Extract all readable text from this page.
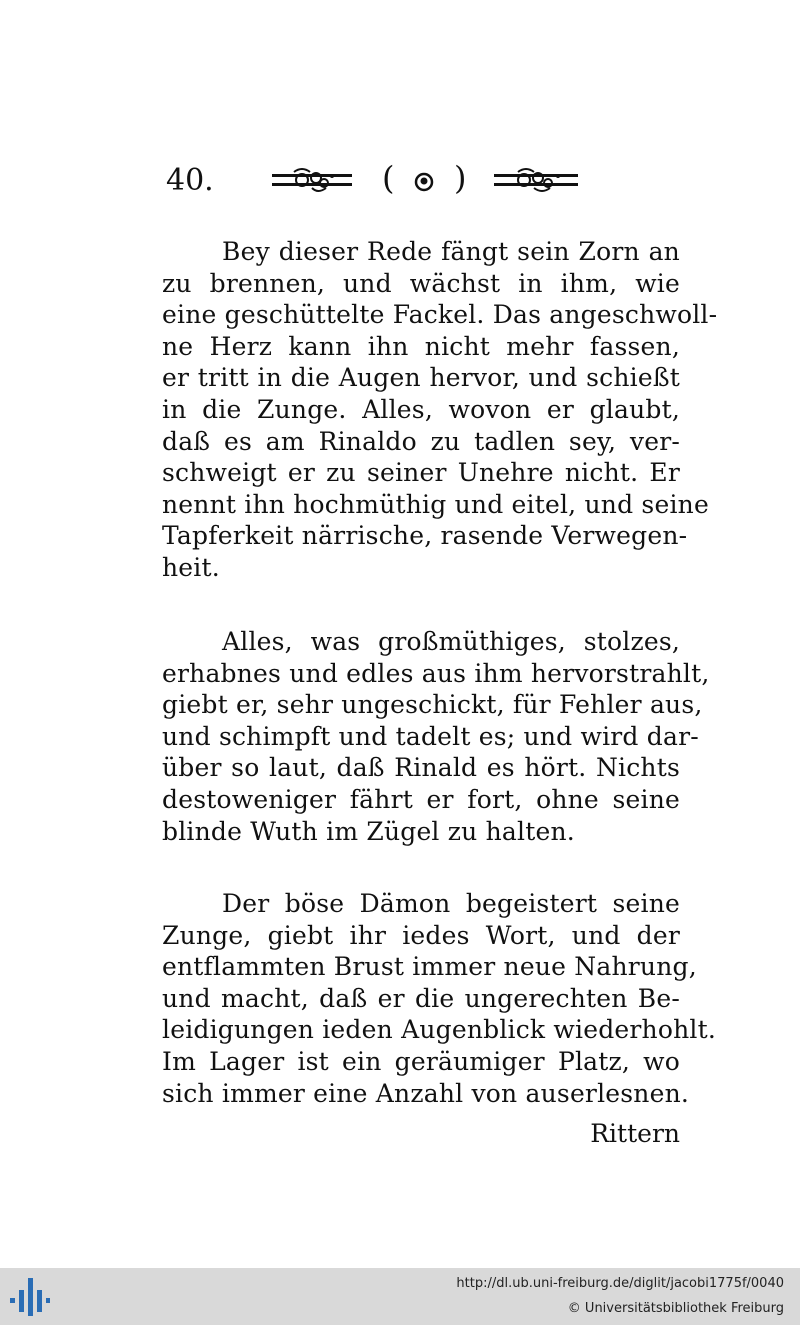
40.	( )
Bey dieser Rede fängt sein Zorn an
zu brennen, und wächst in ihm, wie
eine geschüttelte Fackel. Das angeschwoll-
ne Herz kann ihn nicht mehr fassen,
er tritt in die Augen hervor, und schießt
in die Zunge. Alles, wovon er glaubt,
daß es am Rinaldo zu tadlen sey, ver-
schweigt er zu seiner Unehre nicht. Er
nennt ihn hochmüthig und eitel, und seine
Tapferkeit närrische, rasende Verwegen-
heit.
Alles, was großmüthiges, stolzes,
erhabnes und edles aus ihm hervorstrahlt,
giebt er, sehr ungeschickt, für Fehler aus,
und schimpft und tadelt es; und wird dar-
über so laut, daß Rinald es hört. Nichts
destoweniger fährt er fort, ohne seine
blinde Wuth im Zügel zu halten.
Der böse Dämon begeistert seine
Zunge, giebt ihr iedes Wort, und der
entflammten Brust immer neue Nahrung,
und macht, daß er die ungerechten Be-
leidigungen ieden Augenblick wiederhohlt.
Im Lager ist ein geräumiger Platz, wo
sich immer eine Anzahl von auserlesnen.
Rittern
http://dl.ub.uni-freiburg.de/diglit/jacobi1775f/0040
© Universitätsbibliothek Freiburg
